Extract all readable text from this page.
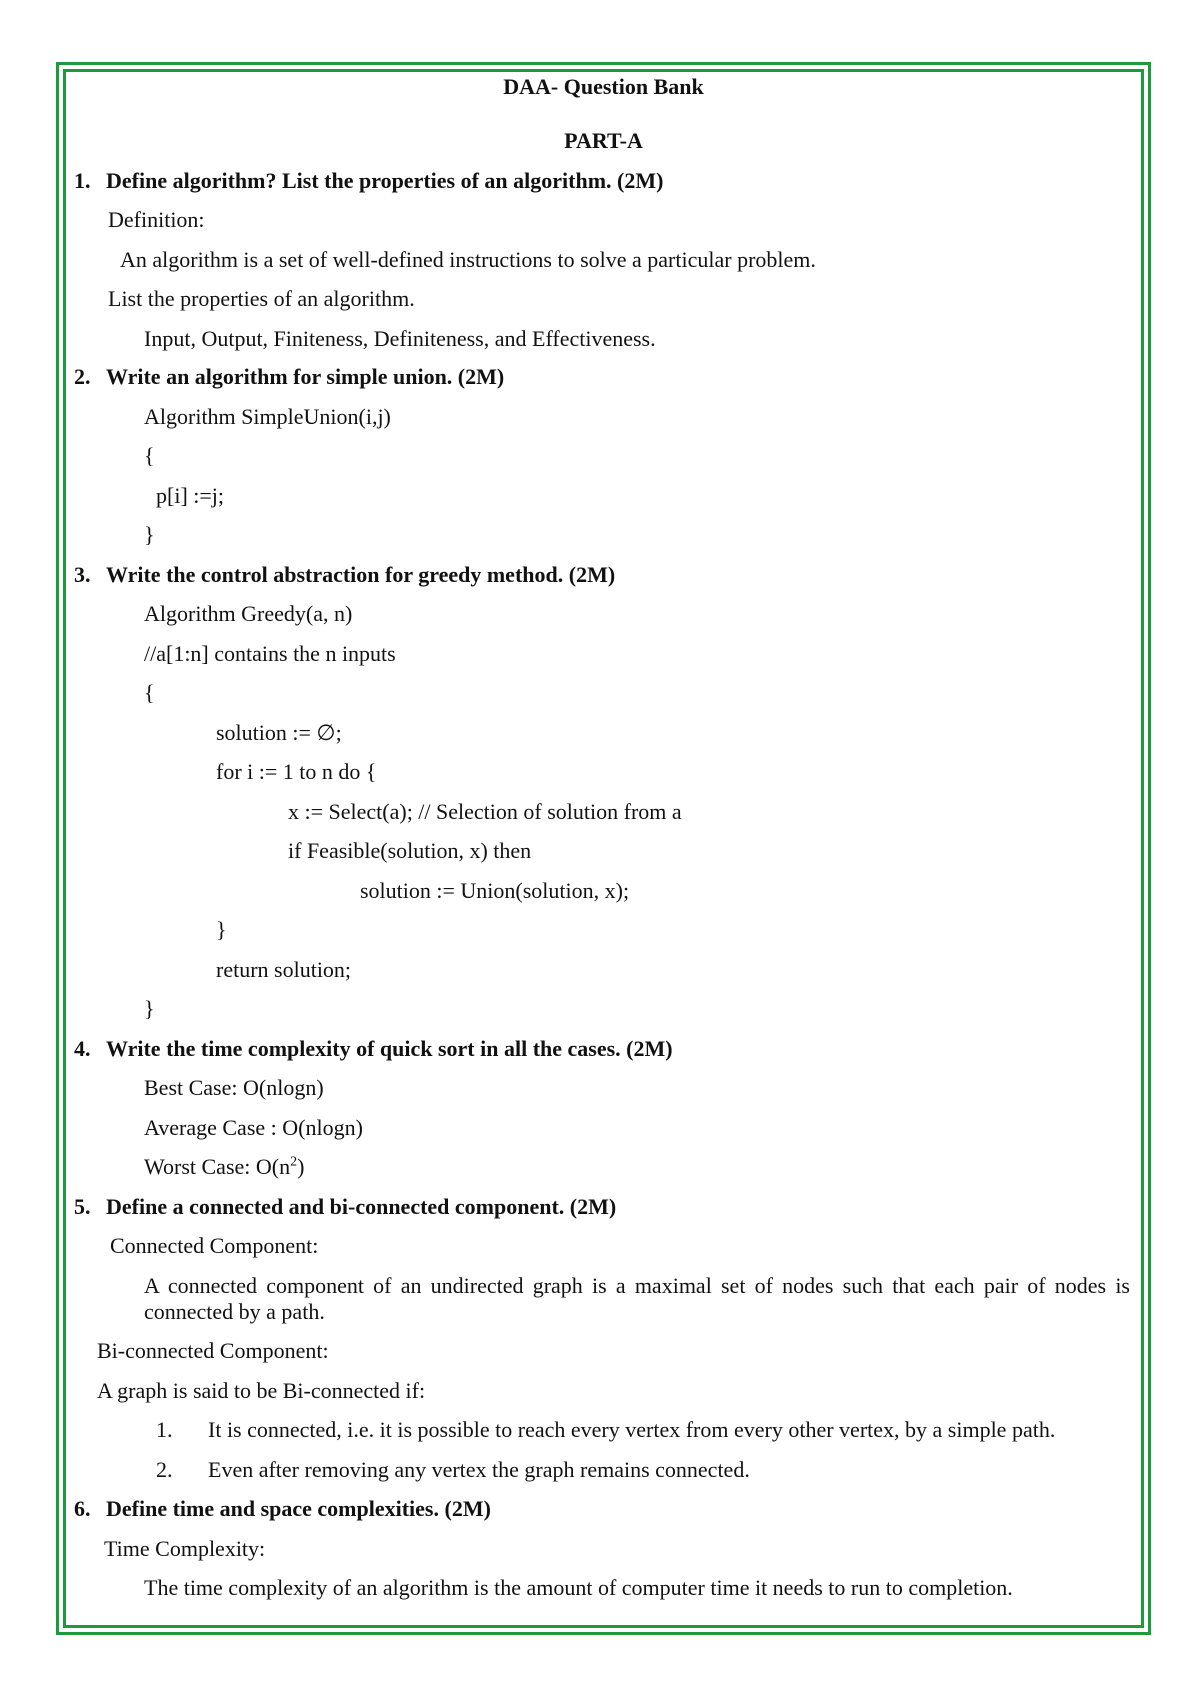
DAA- Question Bank
PART-A
1. Define algorithm? List the properties of an algorithm. (2M)
Definition:
An algorithm is a set of well-defined instructions to solve a particular problem.
List the properties of an algorithm.
Input, Output, Finiteness, Definiteness, and Effectiveness.
2. Write an algorithm for simple union. (2M)
Algorithm SimpleUnion(i,j)
{
p[i] :=j;
}
3. Write the control abstraction for greedy method. (2M)
Algorithm Greedy(a, n)
//a[1:n] contains the n inputs
{
solution := ∅;
for i := 1 to n do {
x := Select(a); // Selection of solution from a
if Feasible(solution, x) then
solution := Union(solution, x);
}
return solution;
}
4. Write the time complexity of quick sort in all the cases. (2M)
Best Case: O(nlogn)
Average Case : O(nlogn)
Worst Case: $O(n^2)$
5. Define a connected and bi-connected component. (2M)
Connected Component:
A connected component of an undirected graph is a maximal set of nodes such that each pair of nodes is connected by a path.
Bi-connected Component:
A graph is said to be Bi-connected if:
1. It is connected, i.e. it is possible to reach every vertex from every other vertex, by a simple path.
2. Even after removing any vertex the graph remains connected.
6. Define time and space complexities. (2M)
Time Complexity:
The time complexity of an algorithm is the amount of computer time it needs to run to completion.
